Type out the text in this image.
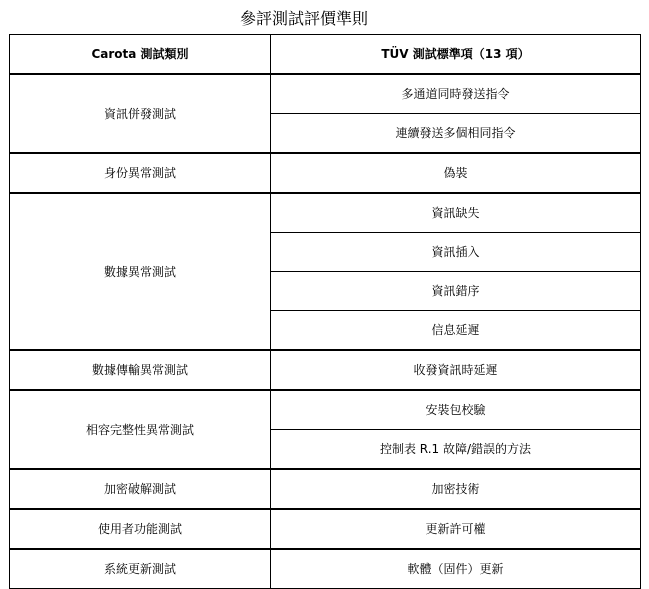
參評測試評價準則
Carota 測試類別	TÜV 測試標準項（13 項）
資訊併發測試	多通道同時發送指令
	連續發送多個相同指令
身份異常測試	偽裝
數據異常測試	資訊缺失
	資訊插入
	資訊錯序
	信息延遲
數據傳輸異常測試	收發資訊時延遲
相容完整性異常測試	安裝包校驗
	控制表 R.1 故障/錯誤的方法
加密破解測試	加密技術
使用者功能測試	更新許可權
系統更新測試	軟體（固件）更新
